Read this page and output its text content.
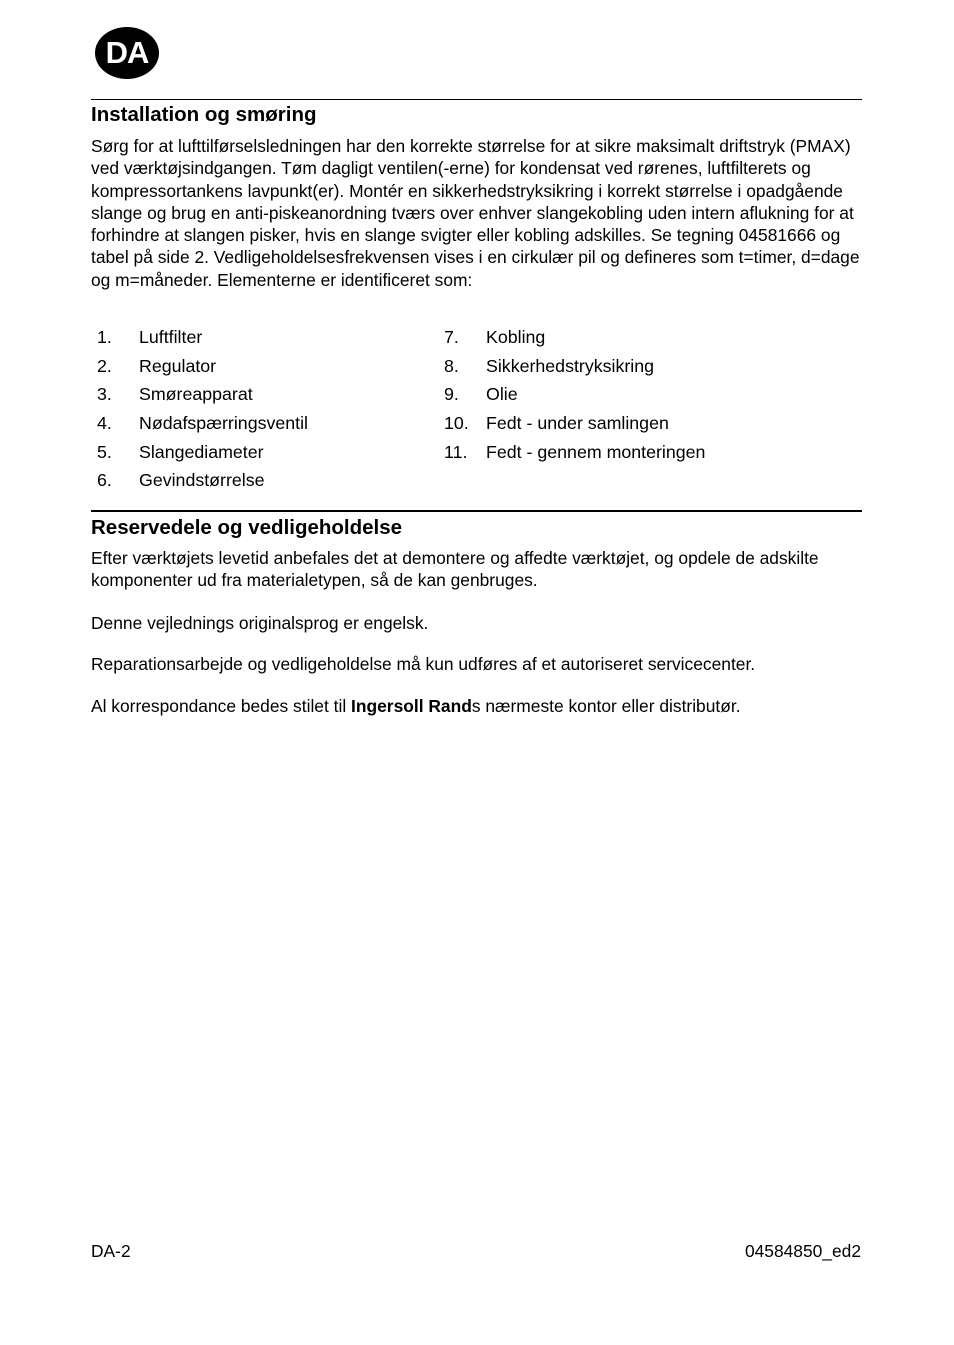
DA
Installation og smøring

Sørg for at lufttilførselsledningen har den korrekte størrelse for at sikre maksimalt driftstryk (PMAX) ved værktøjsindgangen. Tøm dagligt ventilen(-erne) for kondensat ved rørenes, luftfilterets og kompressortankens lavpunkt(er). Montér en sikkerhedstryksikring i korrekt størrelse i opadgående slange og brug en anti-piskeanordning tværs over enhver slangekobling uden intern aflukning for at forhindre at slangen pisker, hvis en slange svigter eller kobling adskilles. Se tegning 04581666 og tabel på side 2. Vedligeholdelsesfrekvensen vises i en cirkulær pil og defineres som t=timer, d=dage og m=måneder. Elementerne er identificeret som:

1. Luftfilter
2. Regulator
3. Smøreapparat
4. Nødafspærringsventil
5. Slangediameter
6. Gevindstørrelse
7. Kobling
8. Sikkerhedstryksikring
9. Olie
10. Fedt - under samlingen
11. Fedt - gennem monteringen
Reservedele og vedligeholdelse

Efter værktøjets levetid anbefales det at demontere og affedte værktøjet, og opdele de adskilte komponenter ud fra materialetypen, så de kan genbruges.

Denne vejlednings originalsprog er engelsk.

Reparationsarbejde og vedligeholdelse må kun udføres af et autoriseret servicecenter.

Al korrespondance bedes stilet til Ingersoll Rands nærmeste kontor eller distributør.

DA-2	04584850_ed2
